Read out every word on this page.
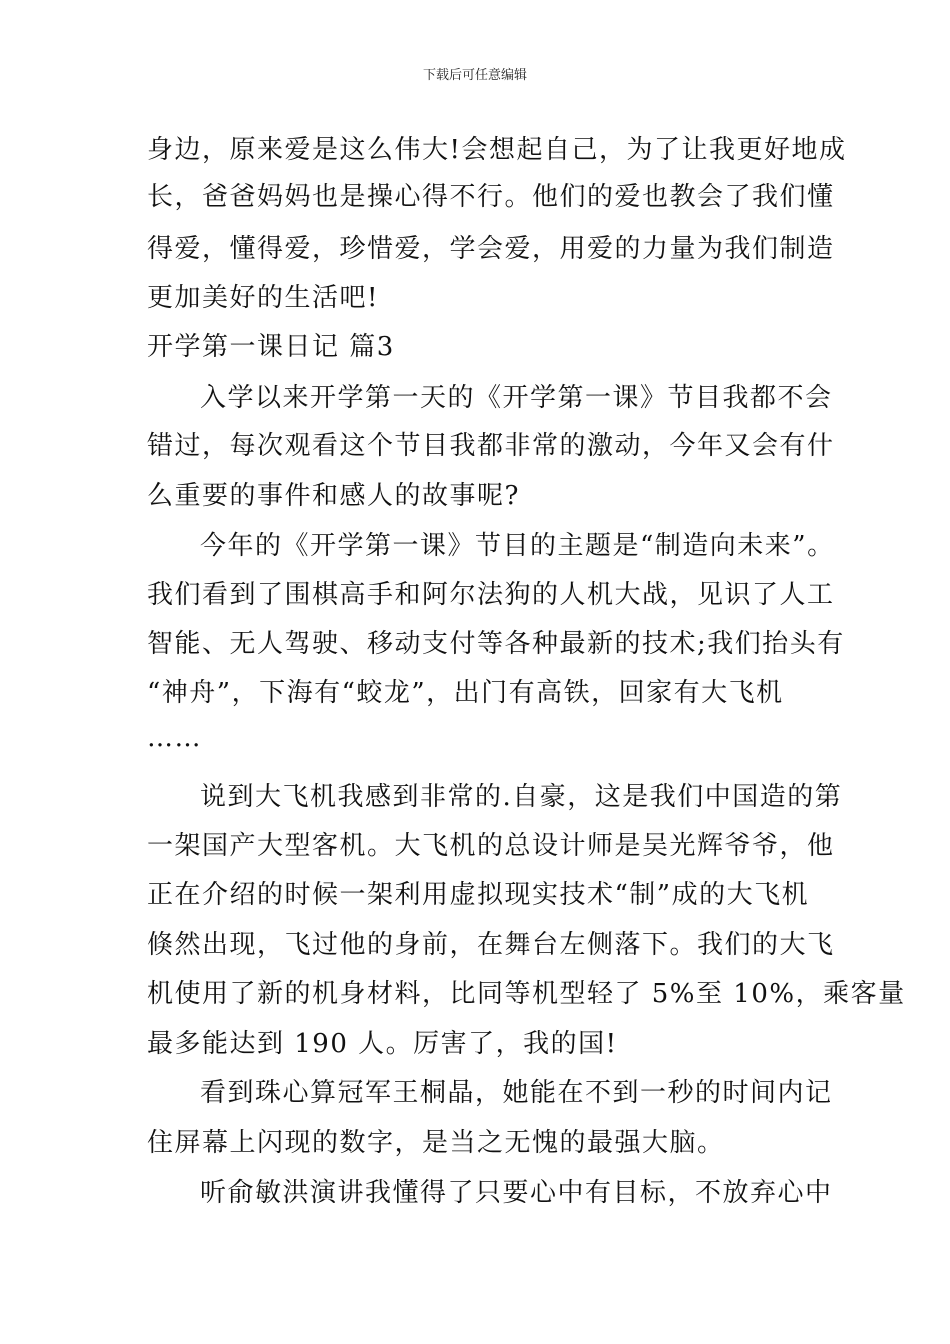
下载后可任意编辑
身边，原来爱是这么伟大!会想起自己，为了让我更好地成
长，爸爸妈妈也是操心得不行。他们的爱也教会了我们懂
得爱，懂得爱，珍惜爱，学会爱，用爱的力量为我们制造
更加美好的生活吧!
开学第一课日记 篇3
入学以来开学第一天的《开学第一课》节目我都不会
错过，每次观看这个节目我都非常的激动，今年又会有什
么重要的事件和感人的故事呢?
今年的《开学第一课》节目的主题是“制造向未来”。
我们看到了围棋高手和阿尔法狗的人机大战，见识了人工
智能、无人驾驶、移动支付等各种最新的技术;我们抬头有
“神舟”，下海有“蛟龙”，出门有高铁，回家有大飞机
……
说到大飞机我感到非常的.自豪，这是我们中国造的第
一架国产大型客机。大飞机的总设计师是吴光辉爷爷，他
正在介绍的时候一架利用虚拟现实技术“制”成的大飞机
倏然出现，飞过他的身前，在舞台左侧落下。我们的大飞
机使用了新的机身材料，比同等机型轻了 5%至 10%，乘客量
最多能达到 190 人。厉害了，我的国!
看到珠心算冠军王桐晶，她能在不到一秒的时间内记
住屏幕上闪现的数字，是当之无愧的最强大脑。
听俞敏洪演讲我懂得了只要心中有目标，不放弃心中
